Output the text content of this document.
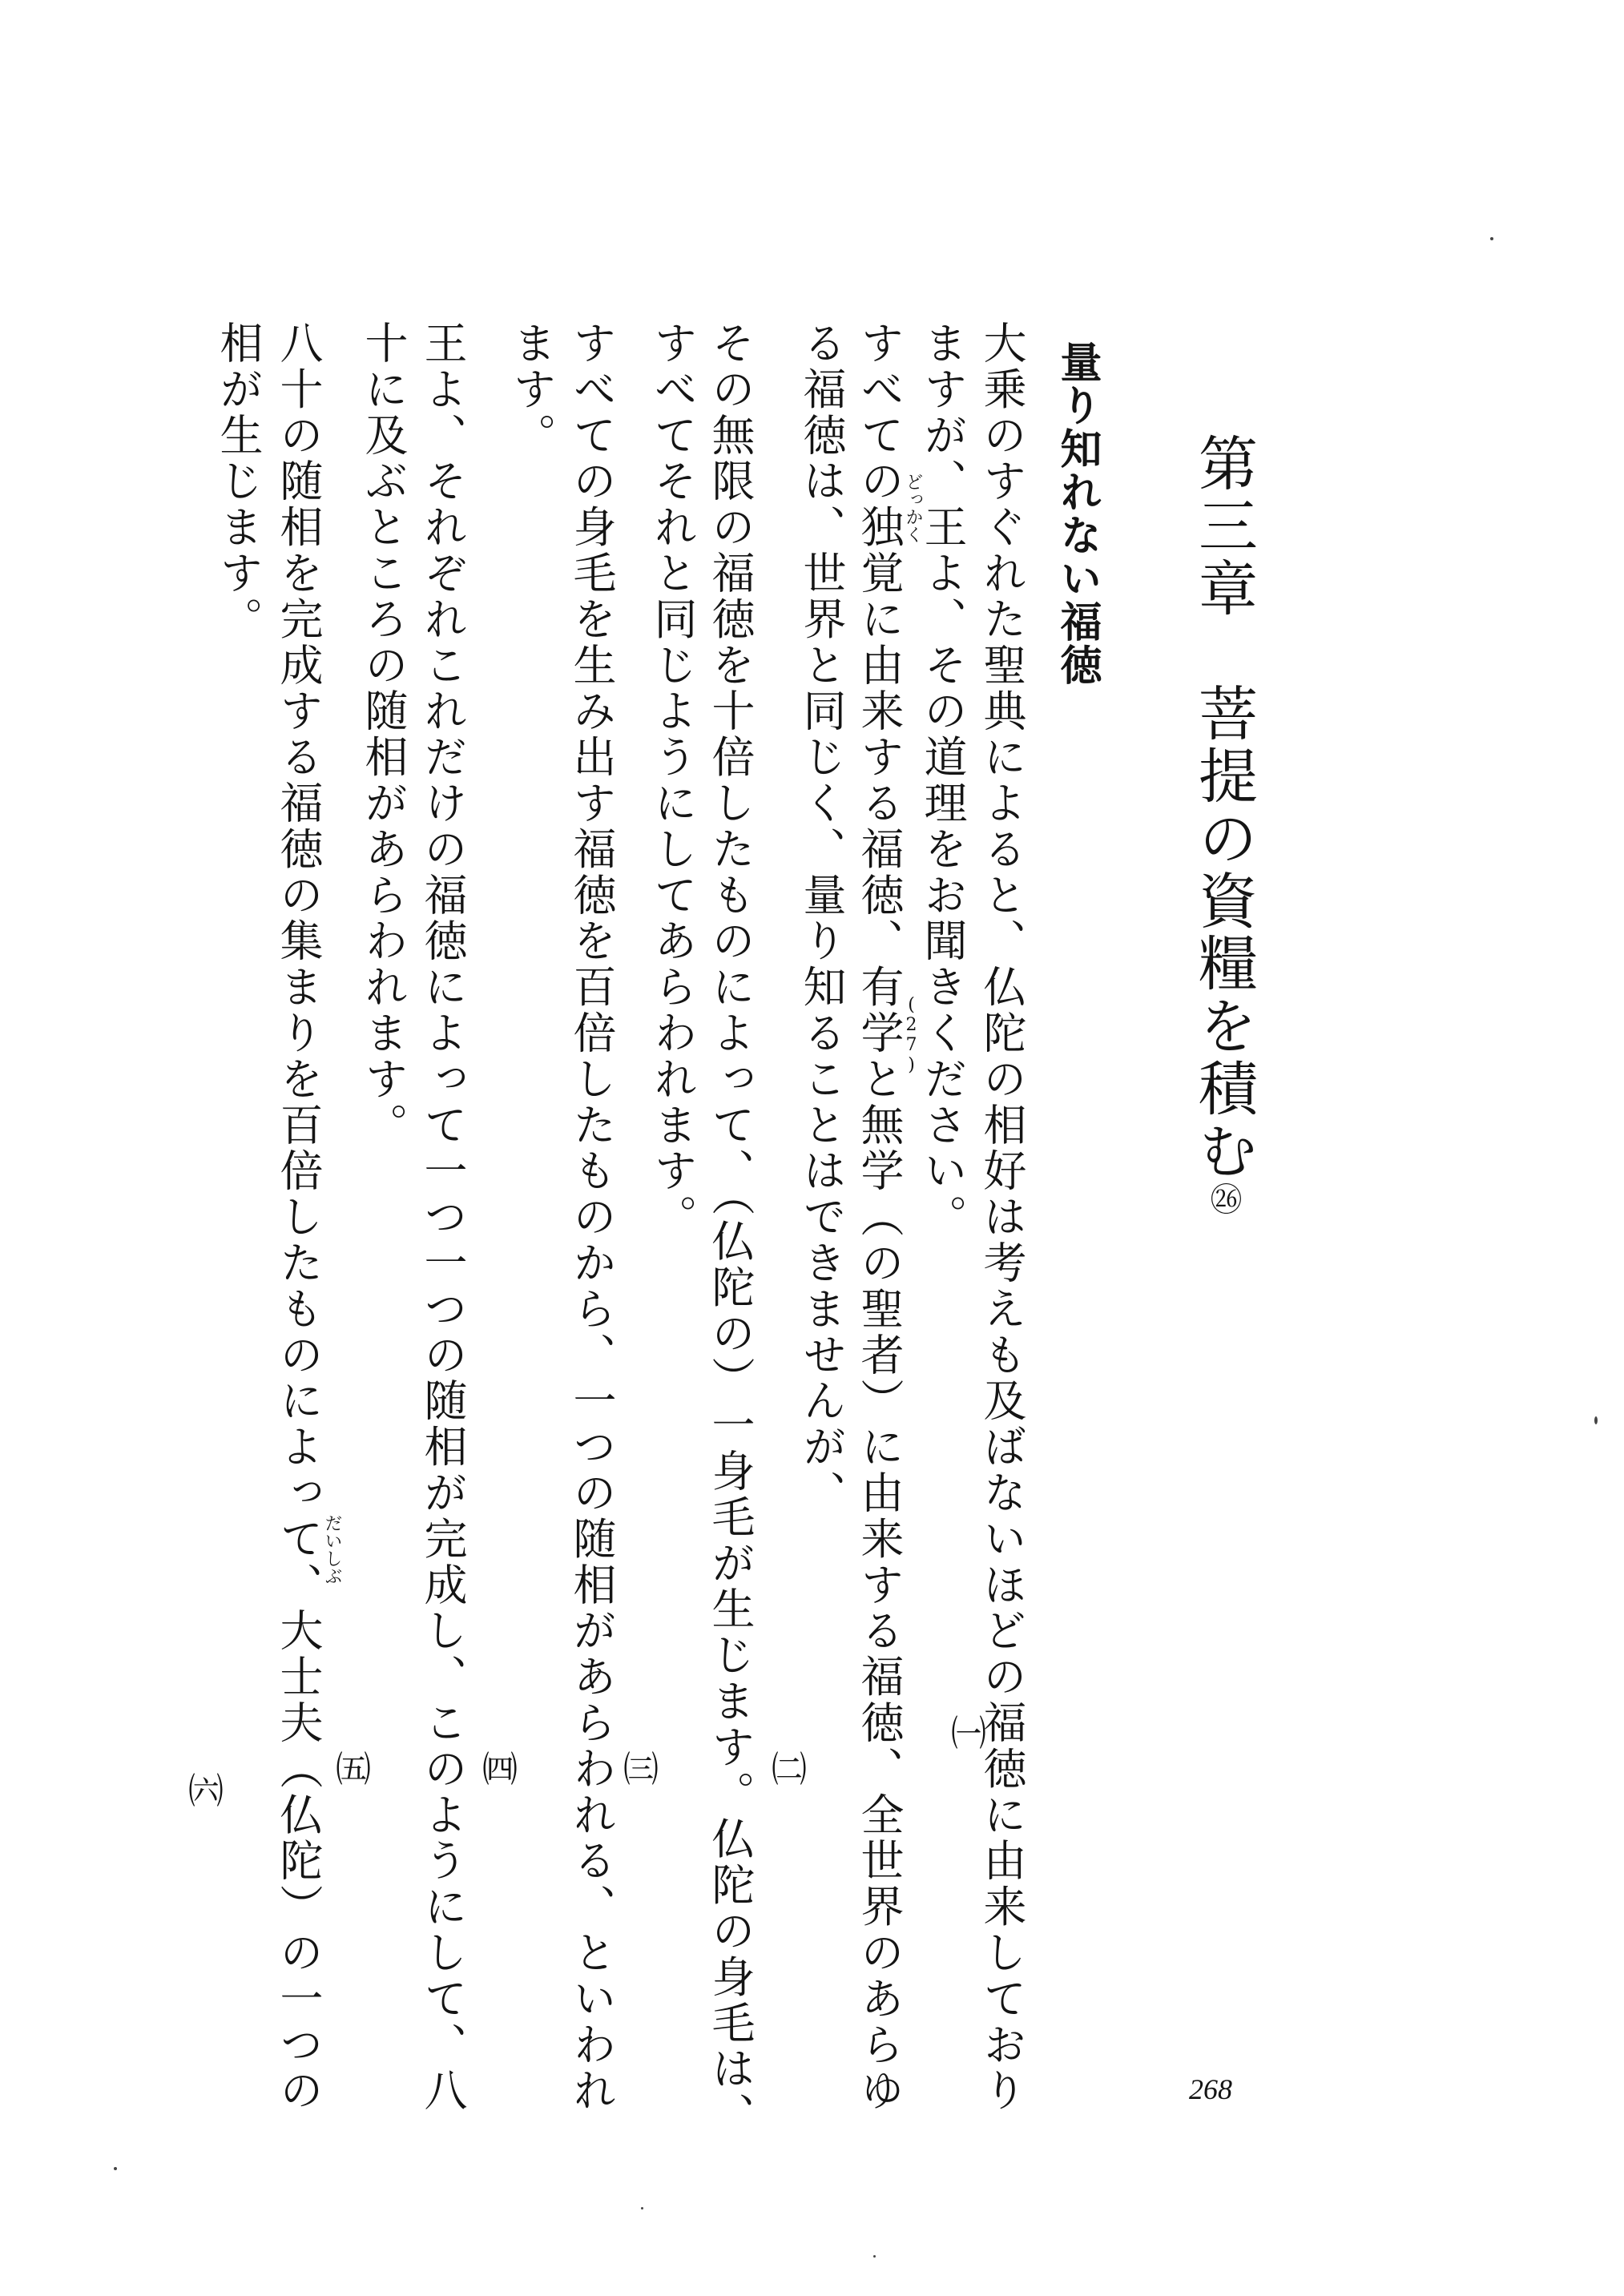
第三章　菩提の資糧を積む㉖
量り知れない福徳
大乗のすぐれた聖典によると、仏陀の相好は考えも及ばないほどの福徳に由来しており
ますが、王よ、その道理をお聞きください。
すべての独覚に由来する福徳、有学と無学（の聖者）に由来する福徳、全世界のあらゆ
る福徳は、世界と同じく、量り知ることはできませんが、
その無限の福徳を十倍したものによって、（仏陀の）一身毛が生じます。仏陀の身毛は、
すべてそれと同じようにしてあらわれます。
すべての身毛を生み出す福徳を百倍したものから、一つの随相があらわれる、といわれ
ます。
王よ、それぞれこれだけの福徳によって一つ一つの随相が完成し、このようにして、八
十に及ぶところの随相があらわれます。
八十の随相を完成する福徳の集まりを百倍したものによって、大士夫（仏陀）の一つの
相が生じます。	どっかく
(27)
だいしぶ
㈠
㈡
㈢
㈣
㈤
㈥
268
